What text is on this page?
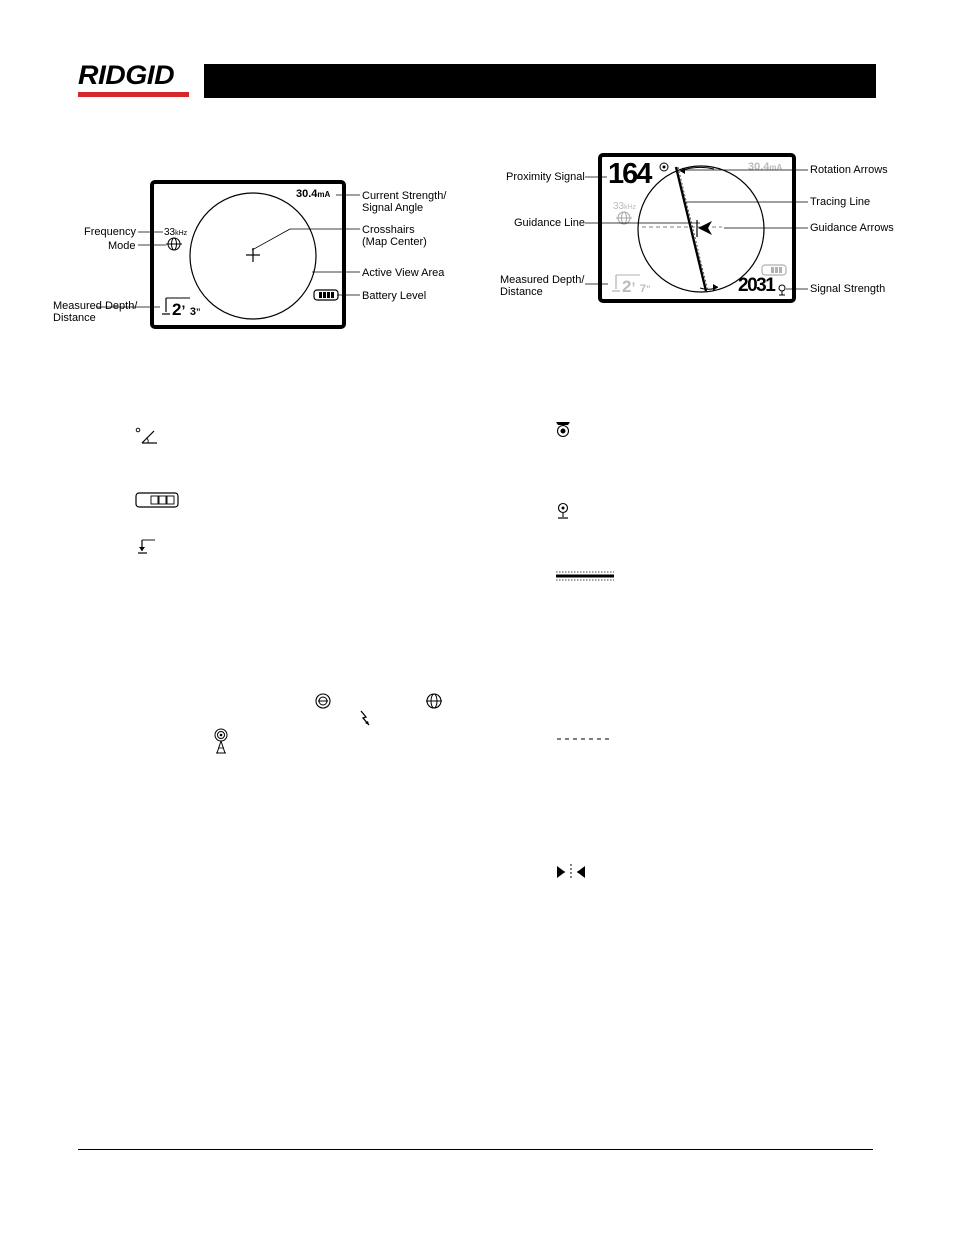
RIDGID
30.4mA
33kHz
2’ 3”
Frequency
Mode
Measured Depth/
Distance
Current Strength/
Signal Angle
Crosshairs
(Map Center)
Active View Area
Battery Level
164	30.4mA
33kHz
2’ 7”	2031
Proximity Signal
Guidance Line
Measured Depth/
Distance
Rotation Arrows
Tracing Line
Guidance Arrows
Signal Strength
